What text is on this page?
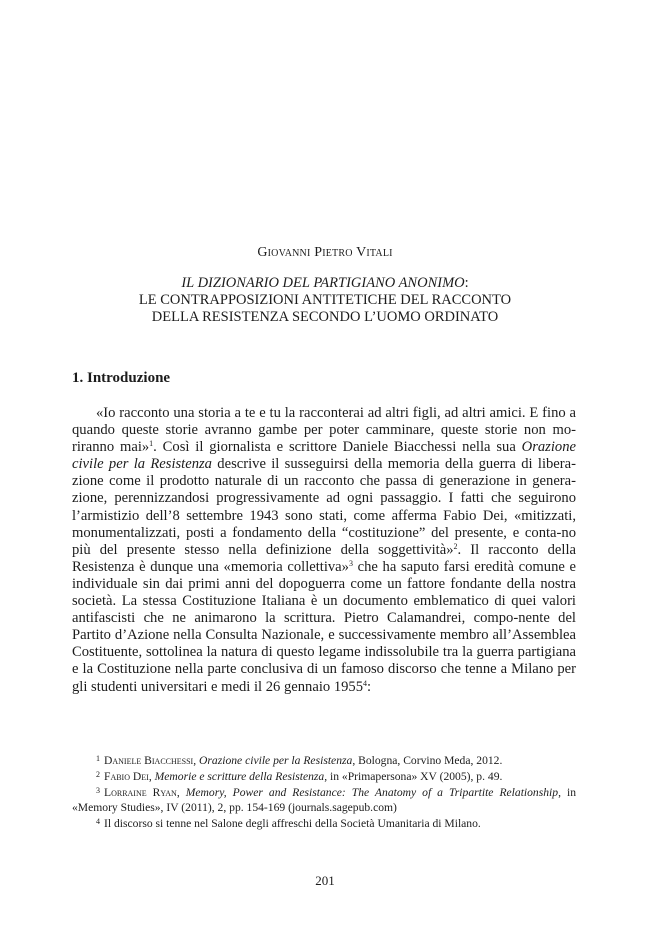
Giovanni Pietro Vitali
IL DIZIONARIO DEL PARTIGIANO ANONIMO:
LE CONTRAPPOSIZIONI ANTITETICHE DEL RACCONTO
DELLA RESISTENZA SECONDO L’UOMO ORDINATO
1. Introduzione

«Io racconto una storia a te e tu la racconterai ad altri figli, ad altri amici. E fino a quando queste storie avranno gambe per poter camminare, queste storie non mo-riranno mai»$^1$. Così il giornalista e scrittore Daniele Biacchessi nella sua Orazione civile per la Resistenza descrive il susseguirsi della memoria della guerra di libera-zione come il prodotto naturale di un racconto che passa di generazione in genera-zione, perennizzandosi progressivamente ad ogni passaggio. I fatti che seguirono l’armistizio dell’8 settembre 1943 sono stati, come afferma Fabio Dei, «mitizzati, monumentalizzati, posti a fondamento della “costituzione” del presente, e conta-no più del presente stesso nella definizione della soggettività»$^2$. Il racconto della Resistenza è dunque una «memoria collettiva»$^3$ che ha saputo farsi eredità comune e individuale sin dai primi anni del dopoguerra come un fattore fondante della nostra società. La stessa Costituzione Italiana è un documento emblematico di quei valori antifascisti che ne animarono la scrittura. Pietro Calamandrei, compo-nente del Partito d’Azione nella Consulta Nazionale, e successivamente membro all’Assemblea Costituente, sottolinea la natura di questo legame indissolubile tra la guerra partigiana e la Costituzione nella parte conclusiva di un famoso discorso che tenne a Milano per gli studenti universitari e medi il 26 gennaio 1955$^4$:

$^1$ Daniele Biacchessi, Orazione civile per la Resistenza, Bologna, Corvino Meda, 2012.

$^2$ Fabio Dei, Memorie e scritture della Resistenza, in «Primapersona» XV (2005), p. 49.

$^3$ Lorraine Ryan, Memory, Power and Resistance: The Anatomy of a Tripartite Relationship, in «Memory Studies», IV (2011), 2, pp. 154-169 (journals.sagepub.com)

$^4$ Il discorso si tenne nel Salone degli affreschi della Società Umanitaria di Milano.

201
